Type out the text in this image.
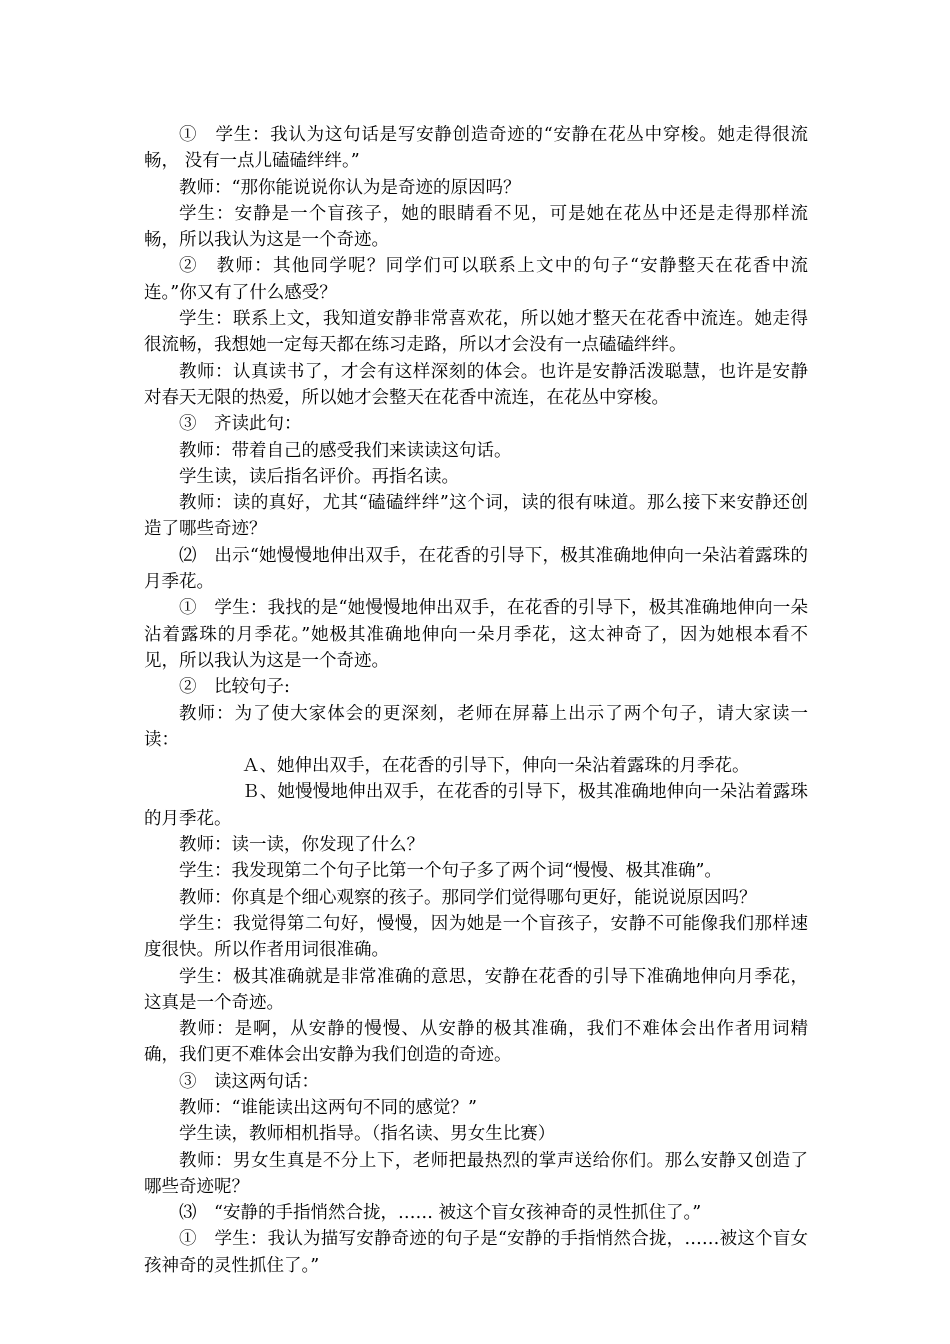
①　学生：我认为这句话是写安静创造奇迹的“安静在花丛中穿梭。她走得很流畅， 没有一点儿磕磕绊绊。”

教师：“那你能说说你认为是奇迹的原因吗？

学生：安静是一个盲孩子，她的眼睛看不见，可是她在花丛中还是走得那样流畅，所以我认为这是一个奇迹。

②　教师：其他同学呢？同学们可以联系上文中的句子“安静整天在花香中流连。”你又有了什么感受？

学生：联系上文，我知道安静非常喜欢花，所以她才整天在花香中流连。她走得很流畅，我想她一定每天都在练习走路，所以才会没有一点磕磕绊绊。

教师：认真读书了，才会有这样深刻的体会。也许是安静活泼聪慧，也许是安静对春天无限的热爱，所以她才会整天在花香中流连，在花丛中穿梭。

③　齐读此句：

教师：带着自己的感受我们来读读这句话。

学生读，读后指名评价。再指名读。

教师：读的真好，尤其“磕磕绊绊”这个词，读的很有味道。那么接下来安静还创造了哪些奇迹？

⑵　出示“她慢慢地伸出双手，在花香的引导下，极其准确地伸向一朵沾着露珠的月季花。

①　学生：我找的是“她慢慢地伸出双手，在花香的引导下，极其准确地伸向一朵沾着露珠的月季花。”她极其准确地伸向一朵月季花，这太神奇了，因为她根本看不见，所以我认为这是一个奇迹。

②　比较句子:

教师：为了使大家体会的更深刻，老师在屏幕上出示了两个句子，请大家读一读：

Ａ、她伸出双手，在花香的引导下，伸向一朵沾着露珠的月季花。

Ｂ、她慢慢地伸出双手，在花香的引导下，极其准确地伸向一朵沾着露珠的月季花。

教师：读一读，你发现了什么？

学生：我发现第二个句子比第一个句子多了两个词“慢慢、极其准确”。

教师：你真是个细心观察的孩子。那同学们觉得哪句更好，能说说原因吗？

学生：我觉得第二句好，慢慢，因为她是一个盲孩子，安静不可能像我们那样速度很快。所以作者用词很准确。

学生：极其准确就是非常准确的意思，安静在花香的引导下准确地伸向月季花，这真是一个奇迹。

教师：是啊，从安静的慢慢、从安静的极其准确，我们不难体会出作者用词精确，我们更不难体会出安静为我们创造的奇迹。

③　读这两句话：

教师：“谁能读出这两句不同的感觉？”

学生读，教师相机指导。（指名读、男女生比赛）

教师：男女生真是不分上下，老师把最热烈的掌声送给你们。那么安静又创造了哪些奇迹呢？

⑶　“安静的手指悄然合拢，…… 被这个盲女孩神奇的灵性抓住了。”

①　学生：我认为描写安静奇迹的句子是“安静的手指悄然合拢，……被这个盲女孩神奇的灵性抓住了。”
